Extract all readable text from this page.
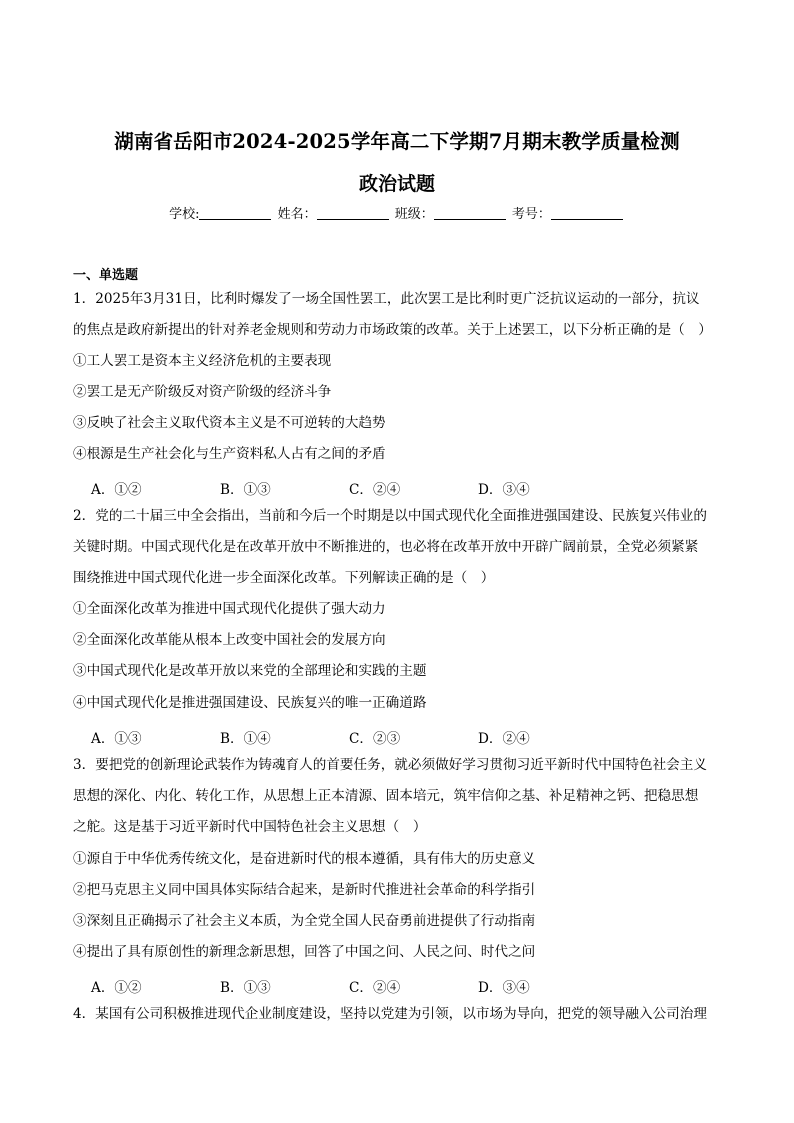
湖南省岳阳市2024-2025学年高二下学期7月期末教学质量检测
政治试题
学校:	姓名：	班级：	考号：
一、单选题
1．2025年3月31日，比利时爆发了一场全国性罢工，此次罢工是比利时更广泛抗议运动的一部分，抗议
的焦点是政府新提出的针对养老金规则和劳动力市场政策的改革。关于上述罢工，以下分析正确的是（　）
①工人罢工是资本主义经济危机的主要表现
②罢工是无产阶级反对资产阶级的经济斗争
③反映了社会主义取代资本主义是不可逆转的大趋势
④根源是生产社会化与生产资料私人占有之间的矛盾
A．①②	B．①③	C．②④	D．③④
2．党的二十届三中全会指出，当前和今后一个时期是以中国式现代化全面推进强国建设、民族复兴伟业的
关键时期。中国式现代化是在改革开放中不断推进的，也必将在改革开放中开辟广阔前景，全党必须紧紧
围绕推进中国式现代化进一步全面深化改革。下列解读正确的是（　）
①全面深化改革为推进中国式现代化提供了强大动力
②全面深化改革能从根本上改变中国社会的发展方向
③中国式现代化是改革开放以来党的全部理论和实践的主题
④中国式现代化是推进强国建设、民族复兴的唯一正确道路
A．①③	B．①④	C．②③	D．②④
3．要把党的创新理论武装作为铸魂育人的首要任务，就必须做好学习贯彻习近平新时代中国特色社会主义
思想的深化、内化、转化工作，从思想上正本清源、固本培元，筑牢信仰之基、补足精神之钙、把稳思想
之舵。这是基于习近平新时代中国特色社会主义思想（　）
①源自于中华优秀传统文化，是奋进新时代的根本遵循，具有伟大的历史意义
②把马克思主义同中国具体实际结合起来，是新时代推进社会革命的科学指引
③深刻且正确揭示了社会主义本质，为全党全国人民奋勇前进提供了行动指南
④提出了具有原创性的新理念新思想，回答了中国之问、人民之问、时代之问
A．①②	B．①③	C．②④	D．③④
4．某国有公司积极推进现代企业制度建设，坚持以党建为引领，以市场为导向，把党的领导融入公司治理
